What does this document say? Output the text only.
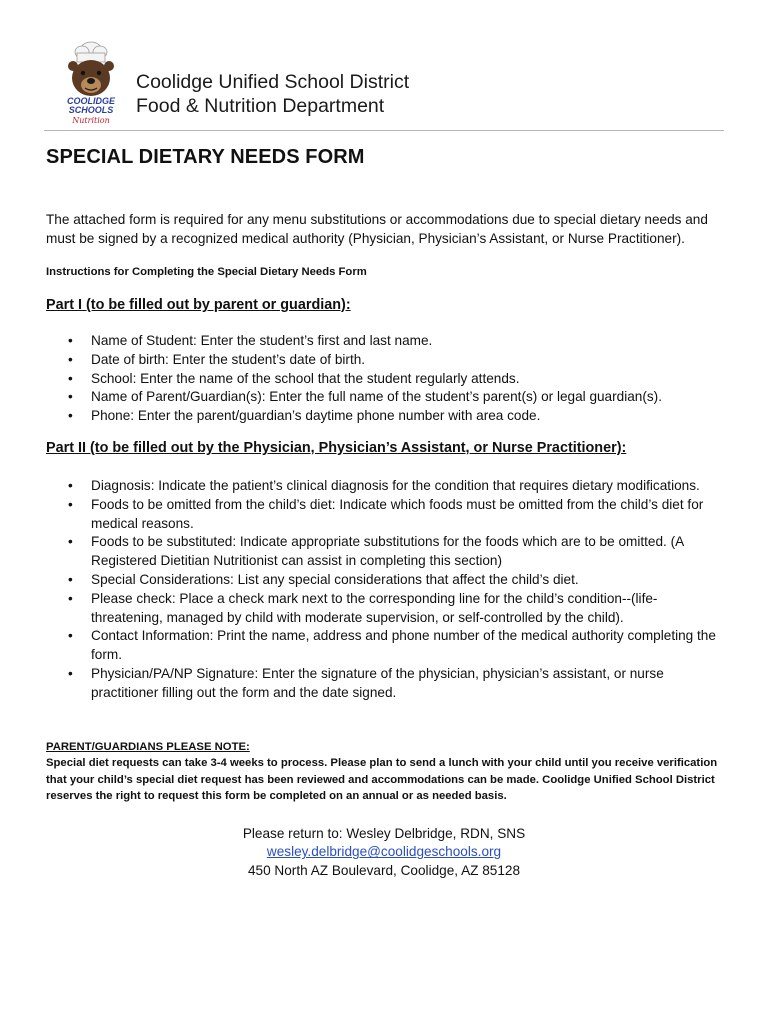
COOLIDGE
SCHOOLS
Nutrition
Coolidge Unified School District
Food & Nutrition Department
SPECIAL DIETARY NEEDS FORM

The attached form is required for any menu substitutions or accommodations due to special dietary needs and must be signed by a recognized medical authority (Physician, Physician’s Assistant, or Nurse Practitioner).

Instructions for Completing the Special Dietary Needs Form

Part I (to be filled out by parent or guardian):
• Name of Student: Enter the student’s first and last name.
• Date of birth: Enter the student’s date of birth.
• School: Enter the name of the school that the student regularly attends.
• Name of Parent/Guardian(s): Enter the full name of the student’s parent(s) or legal guardian(s).
• Phone: Enter the parent/guardian’s daytime phone number with area code.
Part II (to be filled out by the Physician, Physician’s Assistant, or Nurse Practitioner):
• Diagnosis: Indicate the patient’s clinical diagnosis for the condition that requires dietary modifications.
• Foods to be omitted from the child’s diet: Indicate which foods must be omitted from the child’s diet for medical reasons.
• Foods to be substituted: Indicate appropriate substitutions for the foods which are to be omitted. (A Registered Dietitian Nutritionist can assist in completing this section)
• Special Considerations: List any special considerations that affect the child’s diet.
• Please check: Place a check mark next to the corresponding line for the child’s condition--(life-threatening, managed by child with moderate supervision, or self-controlled by the child).
• Contact Information: Print the name, address and phone number of the medical authority completing the form.
• Physician/PA/NP Signature: Enter the signature of the physician, physician’s assistant, or nurse practitioner filling out the form and the date signed.
PARENT/GUARDIANS PLEASE NOTE:
Special diet requests can take 3-4 weeks to process. Please plan to send a lunch with your child until you receive verification that your child’s special diet request has been reviewed and accommodations can be made. Coolidge Unified School District reserves the right to request this form be completed on an annual or as needed basis.
Please return to: Wesley Delbridge, RDN, SNS
wesley.delbridge@coolidgeschools.org
450 North AZ Boulevard, Coolidge, AZ 85128
